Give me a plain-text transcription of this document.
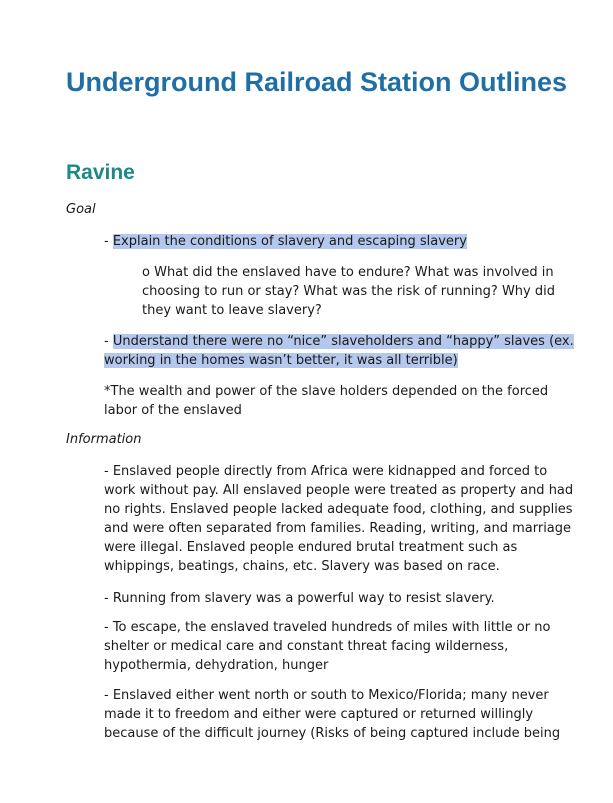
Underground Railroad Station Outlines
Ravine

Goal

- Explain the conditions of slavery and escaping slavery

o What did the enslaved have to endure? What was involved in choosing to run or stay? What was the risk of running? Why did they want to leave slavery?

- Understand there were no “nice” slaveholders and “happy” slaves (ex. working in the homes wasn’t better, it was all terrible)

*The wealth and power of the slave holders depended on the forced labor of the enslaved

Information

- Enslaved people directly from Africa were kidnapped and forced to work without pay. All enslaved people were treated as property and had no rights. Enslaved people lacked adequate food, clothing, and supplies and were often separated from families. Reading, writing, and marriage were illegal. Enslaved people endured brutal treatment such as whippings, beatings, chains, etc. Slavery was based on race.

- Running from slavery was a powerful way to resist slavery.

- To escape, the enslaved traveled hundreds of miles with little or no shelter or medical care and constant threat facing wilderness, hypothermia, dehydration, hunger

- Enslaved either went north or south to Mexico/Florida; many never made it to freedom and either were captured or returned willingly because of the difficult journey (Risks of being captured include being
